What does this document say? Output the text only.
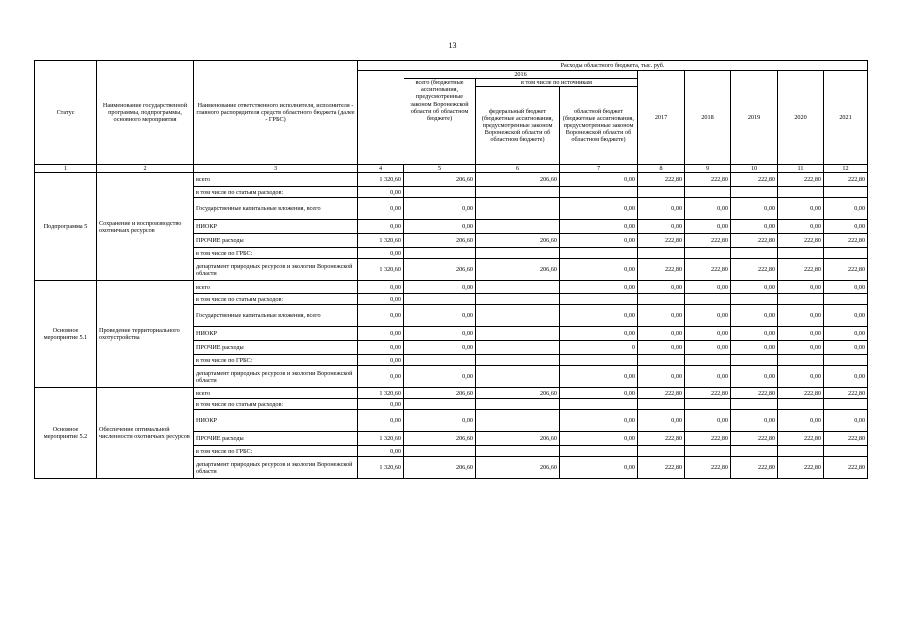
13
Статус	Наименование государственной программы, подпрограммы, основного мероприятия	Наименование ответственного исполнителя, исполнителя - главного распорядителя средств областного бюджета (далее - ГРБС)	Расходы областного бюджета, тыс. руб.								
				2016			2017	2018	2019	2020	2021
				всего (бюджетные ассигнования, предусмотренные законом Воронежской области об областном бюджете)	в том числе по источникам						
					федеральный бюджет (бюджетные ассигнования, предусмотренные законом Воронежской области об областном бюджете)	областной бюджет (бюджетные ассигнования, предусмотренные законом Воронежской области об областном бюджете)					
1	2	3	4	5	6	7	8	9	10	11	12
Подпрограмма 5	Сохранение и воспроизводство охотничьих ресурсов	всего	1 320,60	206,60	206,60	0,00	222,80	222,80	222,80	222,80	222,80
		в том числе по статьям расходов:	0,00								
		Государственные капитальные вложения, всего	0,00	0,00		0,00	0,00	0,00	0,00	0,00	0,00
		НИОКР	0,00	0,00		0,00	0,00	0,00	0,00	0,00	0,00
		ПРОЧИЕ расходы	1 320,60	206,60	206,60	0,00	222,80	222,80	222,80	222,80	222,80
		в том числе по ГРБС:	0,00								
		департамент природных ресурсов и экологии Воронежской области	1 320,60	206,60	206,60	0,00	222,80	222,80	222,80	222,80	222,80
Основное мероприятие 5.1	Проведение территориального охотустройства	всего	0,00	0,00		0,00	0,00	0,00	0,00	0,00	0,00
		в том числе по статьям расходов:	0,00								
		Государственные капитальные вложения, всего	0,00	0,00		0,00	0,00	0,00	0,00	0,00	0,00
		НИОКР	0,00	0,00		0,00	0,00	0,00	0,00	0,00	0,00
		ПРОЧИЕ расходы	0,00	0,00		0	0,00	0,00	0,00	0,00	0,00
		в том числе по ГРБС:	0,00								
		департамент природных ресурсов и экологии Воронежской области	0,00	0,00		0,00	0,00	0,00	0,00	0,00	0,00
Основное мероприятие 5.2	Обеспечение оптимальной численности охотничьих ресурсов	всего	1 320,60	206,60	206,60	0,00	222,80	222,80	222,80	222,80	222,80
		в том числе по статьям расходов:	0,00								
		НИОКР	0,00	0,00		0,00	0,00	0,00	0,00	0,00	0,00
		ПРОЧИЕ расходы	1 320,60	206,60	206,60	0,00	222,80	222,80	222,80	222,80	222,80
		в том числе по ГРБС:	0,00								
		департамент природных ресурсов и экологии Воронежской области	1 320,60	206,60	206,60	0,00	222,80	222,80	222,80	222,80	222,80
